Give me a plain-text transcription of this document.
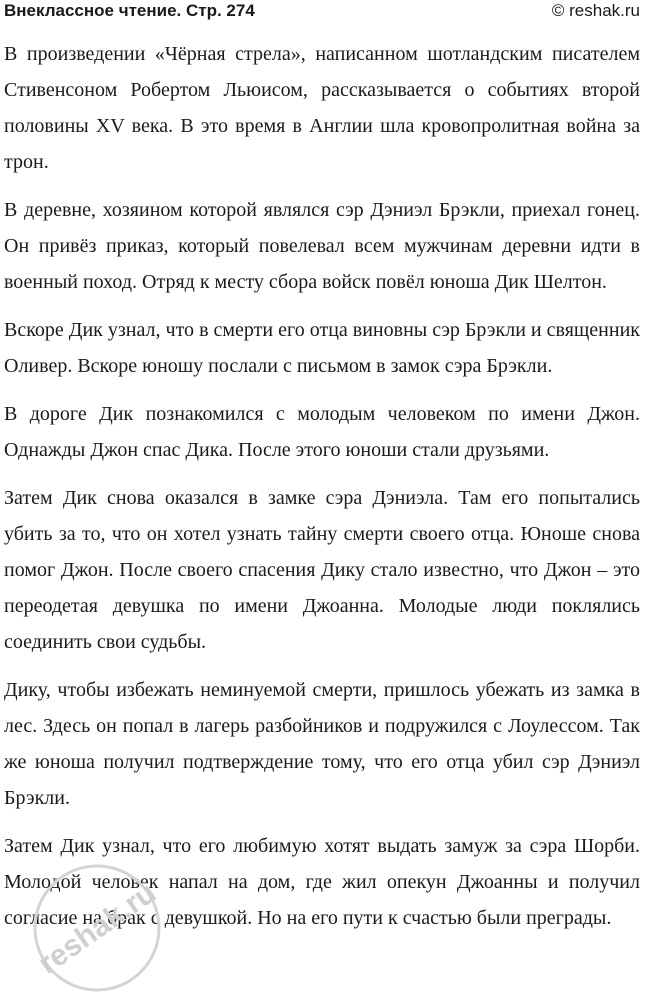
Внеклассное чтение. Стр. 274	© reshak.ru

В произведении «Чёрная стрела», написанном шотландским писателем Стивенсоном Робертом Льюисом, рассказывается о событиях второй половины XV века. В это время в Англии шла кровопролитная война за трон.

В деревне, хозяином которой являлся сэр Дэниэл Брэкли, приехал гонец. Он привёз приказ, который повелевал всем мужчинам деревни идти в военный поход. Отряд к месту сбора войск повёл юноша Дик Шелтон.

Вскоре Дик узнал, что в смерти его отца виновны сэр Брэкли и священник Оливер. Вскоре юношу послали с письмом в замок сэра Брэкли.

В дороге Дик познакомился с молодым человеком по имени Джон. Однажды Джон спас Дика. После этого юноши стали друзьями.

Затем Дик снова оказался в замке сэра Дэниэла. Там его попытались убить за то, что он хотел узнать тайну смерти своего отца. Юноше снова помог Джон. После своего спасения Дику стало известно, что Джон – это переодетая девушка по имени Джоанна. Молодые люди поклялись соединить свои судьбы.

Дику, чтобы избежать неминуемой смерти, пришлось убежать из замка в лес. Здесь он попал в лагерь разбойников и подружился с Лоулессом. Так же юноша получил подтверждение тому, что его отца убил сэр Дэниэл Брэкли.

Затем Дик узнал, что его любимую хотят выдать замуж за сэра Шорби. Молодой человек напал на дом, где жил опекун Джоанны и получил согласие на брак с девушкой. Но на его пути к счастью были преграды.

reshak.ru
